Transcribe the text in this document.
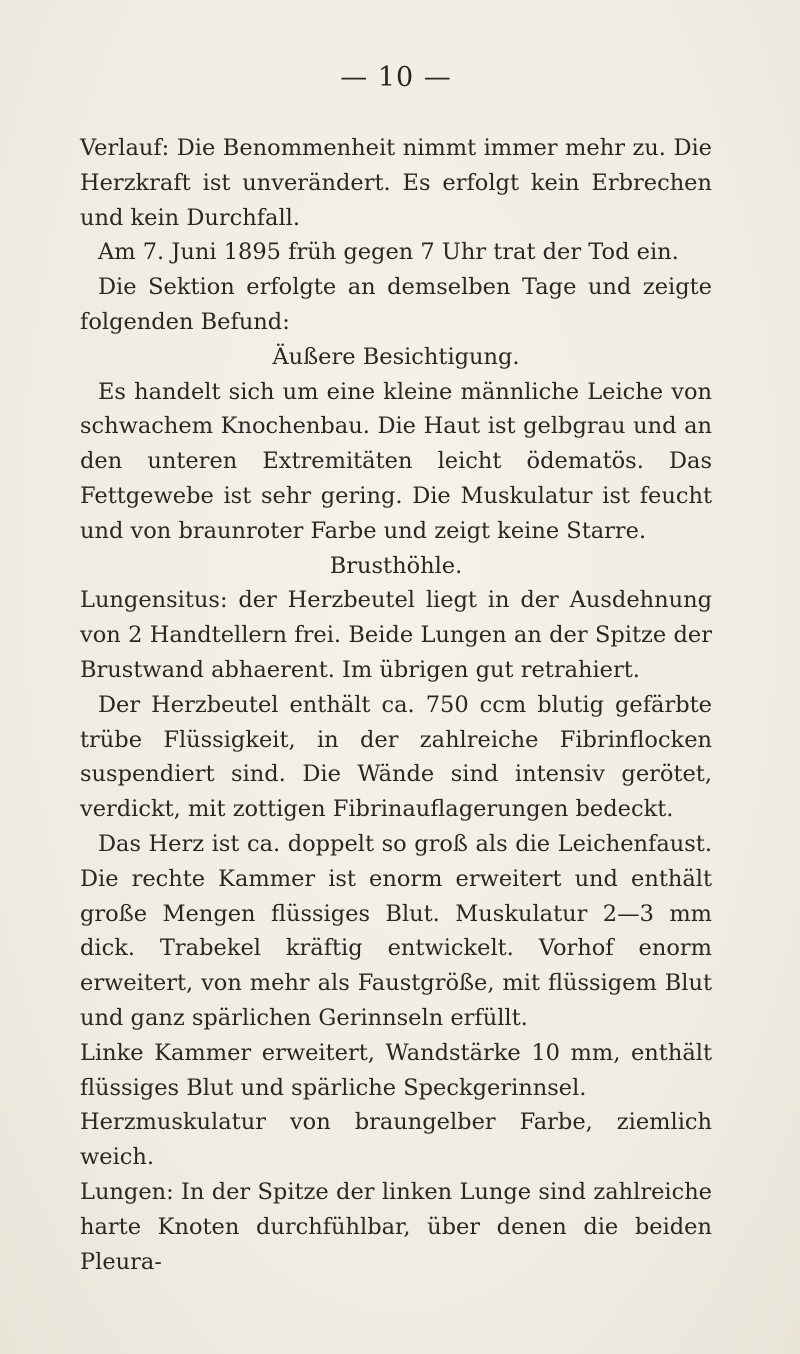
— 10 —

Verlauf: Die Benommenheit nimmt immer mehr zu. Die Herzkraft ist unverändert. Es erfolgt kein Erbrechen und kein Durchfall.

Am 7. Juni 1895 früh gegen 7 Uhr trat der Tod ein.

Die Sektion erfolgte an demselben Tage und zeigte folgenden Befund:

Äußere Besichtigung.

Es handelt sich um eine kleine männliche Leiche von schwachem Knochenbau. Die Haut ist gelbgrau und an den unteren Extremitäten leicht ödematös. Das Fettgewebe ist sehr gering. Die Muskulatur ist feucht und von braunroter Farbe und zeigt keine Starre.

Brusthöhle.

Lungensitus: der Herzbeutel liegt in der Ausdehnung von 2 Handtellern frei. Beide Lungen an der Spitze der Brustwand abhaerent. Im übrigen gut retrahiert.

Der Herzbeutel enthält ca. 750 ccm blutig gefärbte trübe Flüssigkeit, in der zahlreiche Fibrinflocken suspendiert sind. Die Wände sind intensiv gerötet, verdickt, mit zottigen Fibrinauflagerungen bedeckt.

Das Herz ist ca. doppelt so groß als die Leichenfaust. Die rechte Kammer ist enorm erweitert und enthält große Mengen flüssiges Blut. Muskulatur 2—3 mm dick. Trabekel kräftig entwickelt. Vorhof enorm erweitert, von mehr als Faustgröße, mit flüssigem Blut und ganz spärlichen Gerinnseln erfüllt.

Linke Kammer erweitert, Wandstärke 10 mm, enthält flüssiges Blut und spärliche Speckgerinnsel.

Herzmuskulatur von braungelber Farbe, ziemlich weich.

Lungen: In der Spitze der linken Lunge sind zahlreiche harte Knoten durchfühlbar, über denen die beiden Pleura-
